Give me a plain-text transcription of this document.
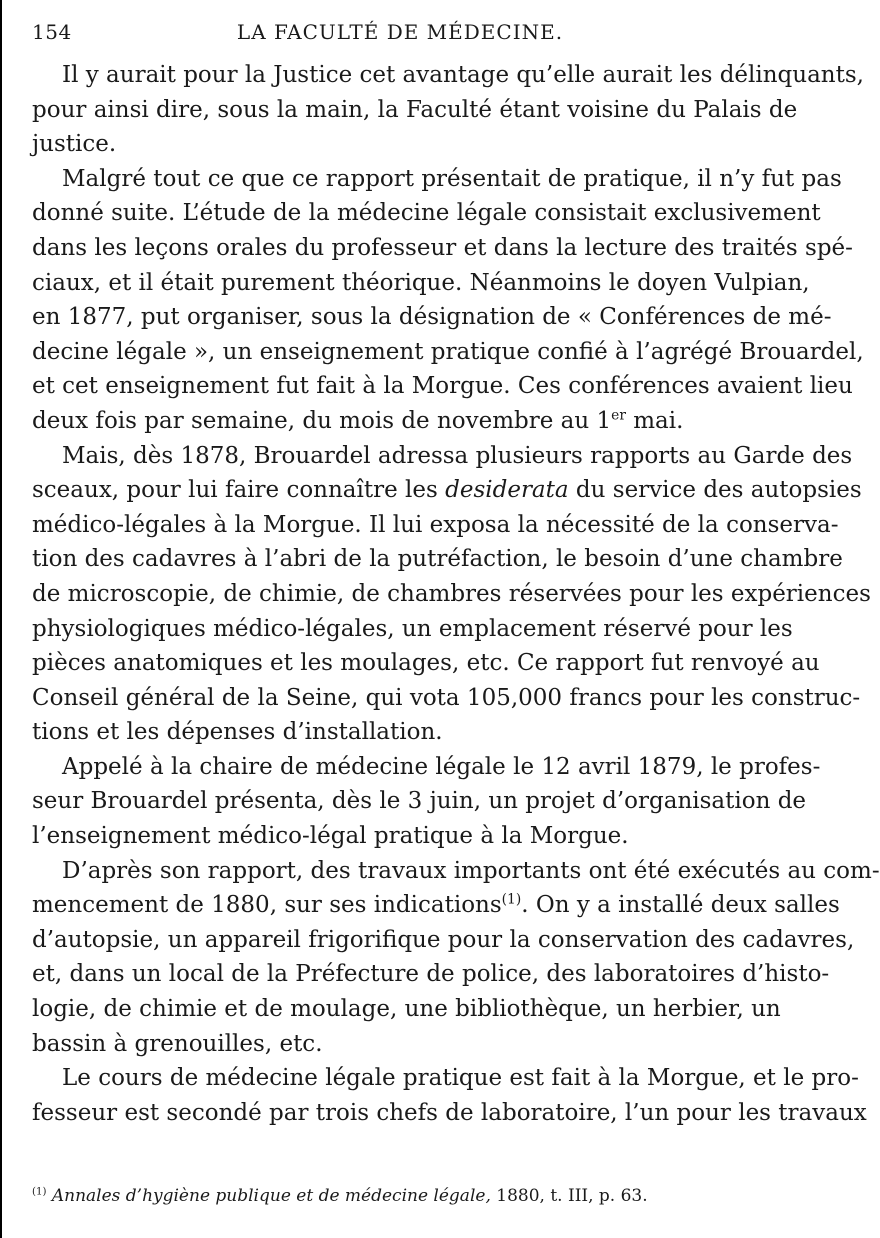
154	LA FACULTÉ DE MÉDECINE.
Il y aurait pour la Justice cet avantage qu’elle aurait les délinquants,
pour ainsi dire, sous la main, la Faculté étant voisine du Palais de
justice.
Malgré tout ce que ce rapport présentait de pratique, il n’y fut pas
donné suite. L’étude de la médecine légale consistait exclusivement
dans les leçons orales du professeur et dans la lecture des traités spé-
ciaux, et il était purement théorique. Néanmoins le doyen Vulpian,
en 1877, put organiser, sous la désignation de « Conférences de mé-
decine légale », un enseignement pratique confié à l’agrégé Brouardel,
et cet enseignement fut fait à la Morgue. Ces conférences avaient lieu
deux fois par semaine, du mois de novembre au 1er mai.
Mais, dès 1878, Brouardel adressa plusieurs rapports au Garde des
sceaux, pour lui faire connaître les desiderata du service des autopsies
médico-légales à la Morgue. Il lui exposa la nécessité de la conserva-
tion des cadavres à l’abri de la putréfaction, le besoin d’une chambre
de microscopie, de chimie, de chambres réservées pour les expériences
physiologiques médico-légales, un emplacement réservé pour les
pièces anatomiques et les moulages, etc. Ce rapport fut renvoyé au
Conseil général de la Seine, qui vota 105,000 francs pour les construc-
tions et les dépenses d’installation.
Appelé à la chaire de médecine légale le 12 avril 1879, le profes-
seur Brouardel présenta, dès le 3 juin, un projet d’organisation de
l’enseignement médico-légal pratique à la Morgue.
D’après son rapport, des travaux importants ont été exécutés au com-
mencement de 1880, sur ses indications$^{(1)}$. On y a installé deux salles
d’autopsie, un appareil frigorifique pour la conservation des cadavres,
et, dans un local de la Préfecture de police, des laboratoires d’histo-
logie, de chimie et de moulage, une bibliothèque, un herbier, un
bassin à grenouilles, etc.
Le cours de médecine légale pratique est fait à la Morgue, et le pro-
fesseur est secondé par trois chefs de laboratoire, l’un pour les travaux
$^{(1)}$ Annales d’hygiène publique et de médecine légale, 1880, t. III, p. 63.
